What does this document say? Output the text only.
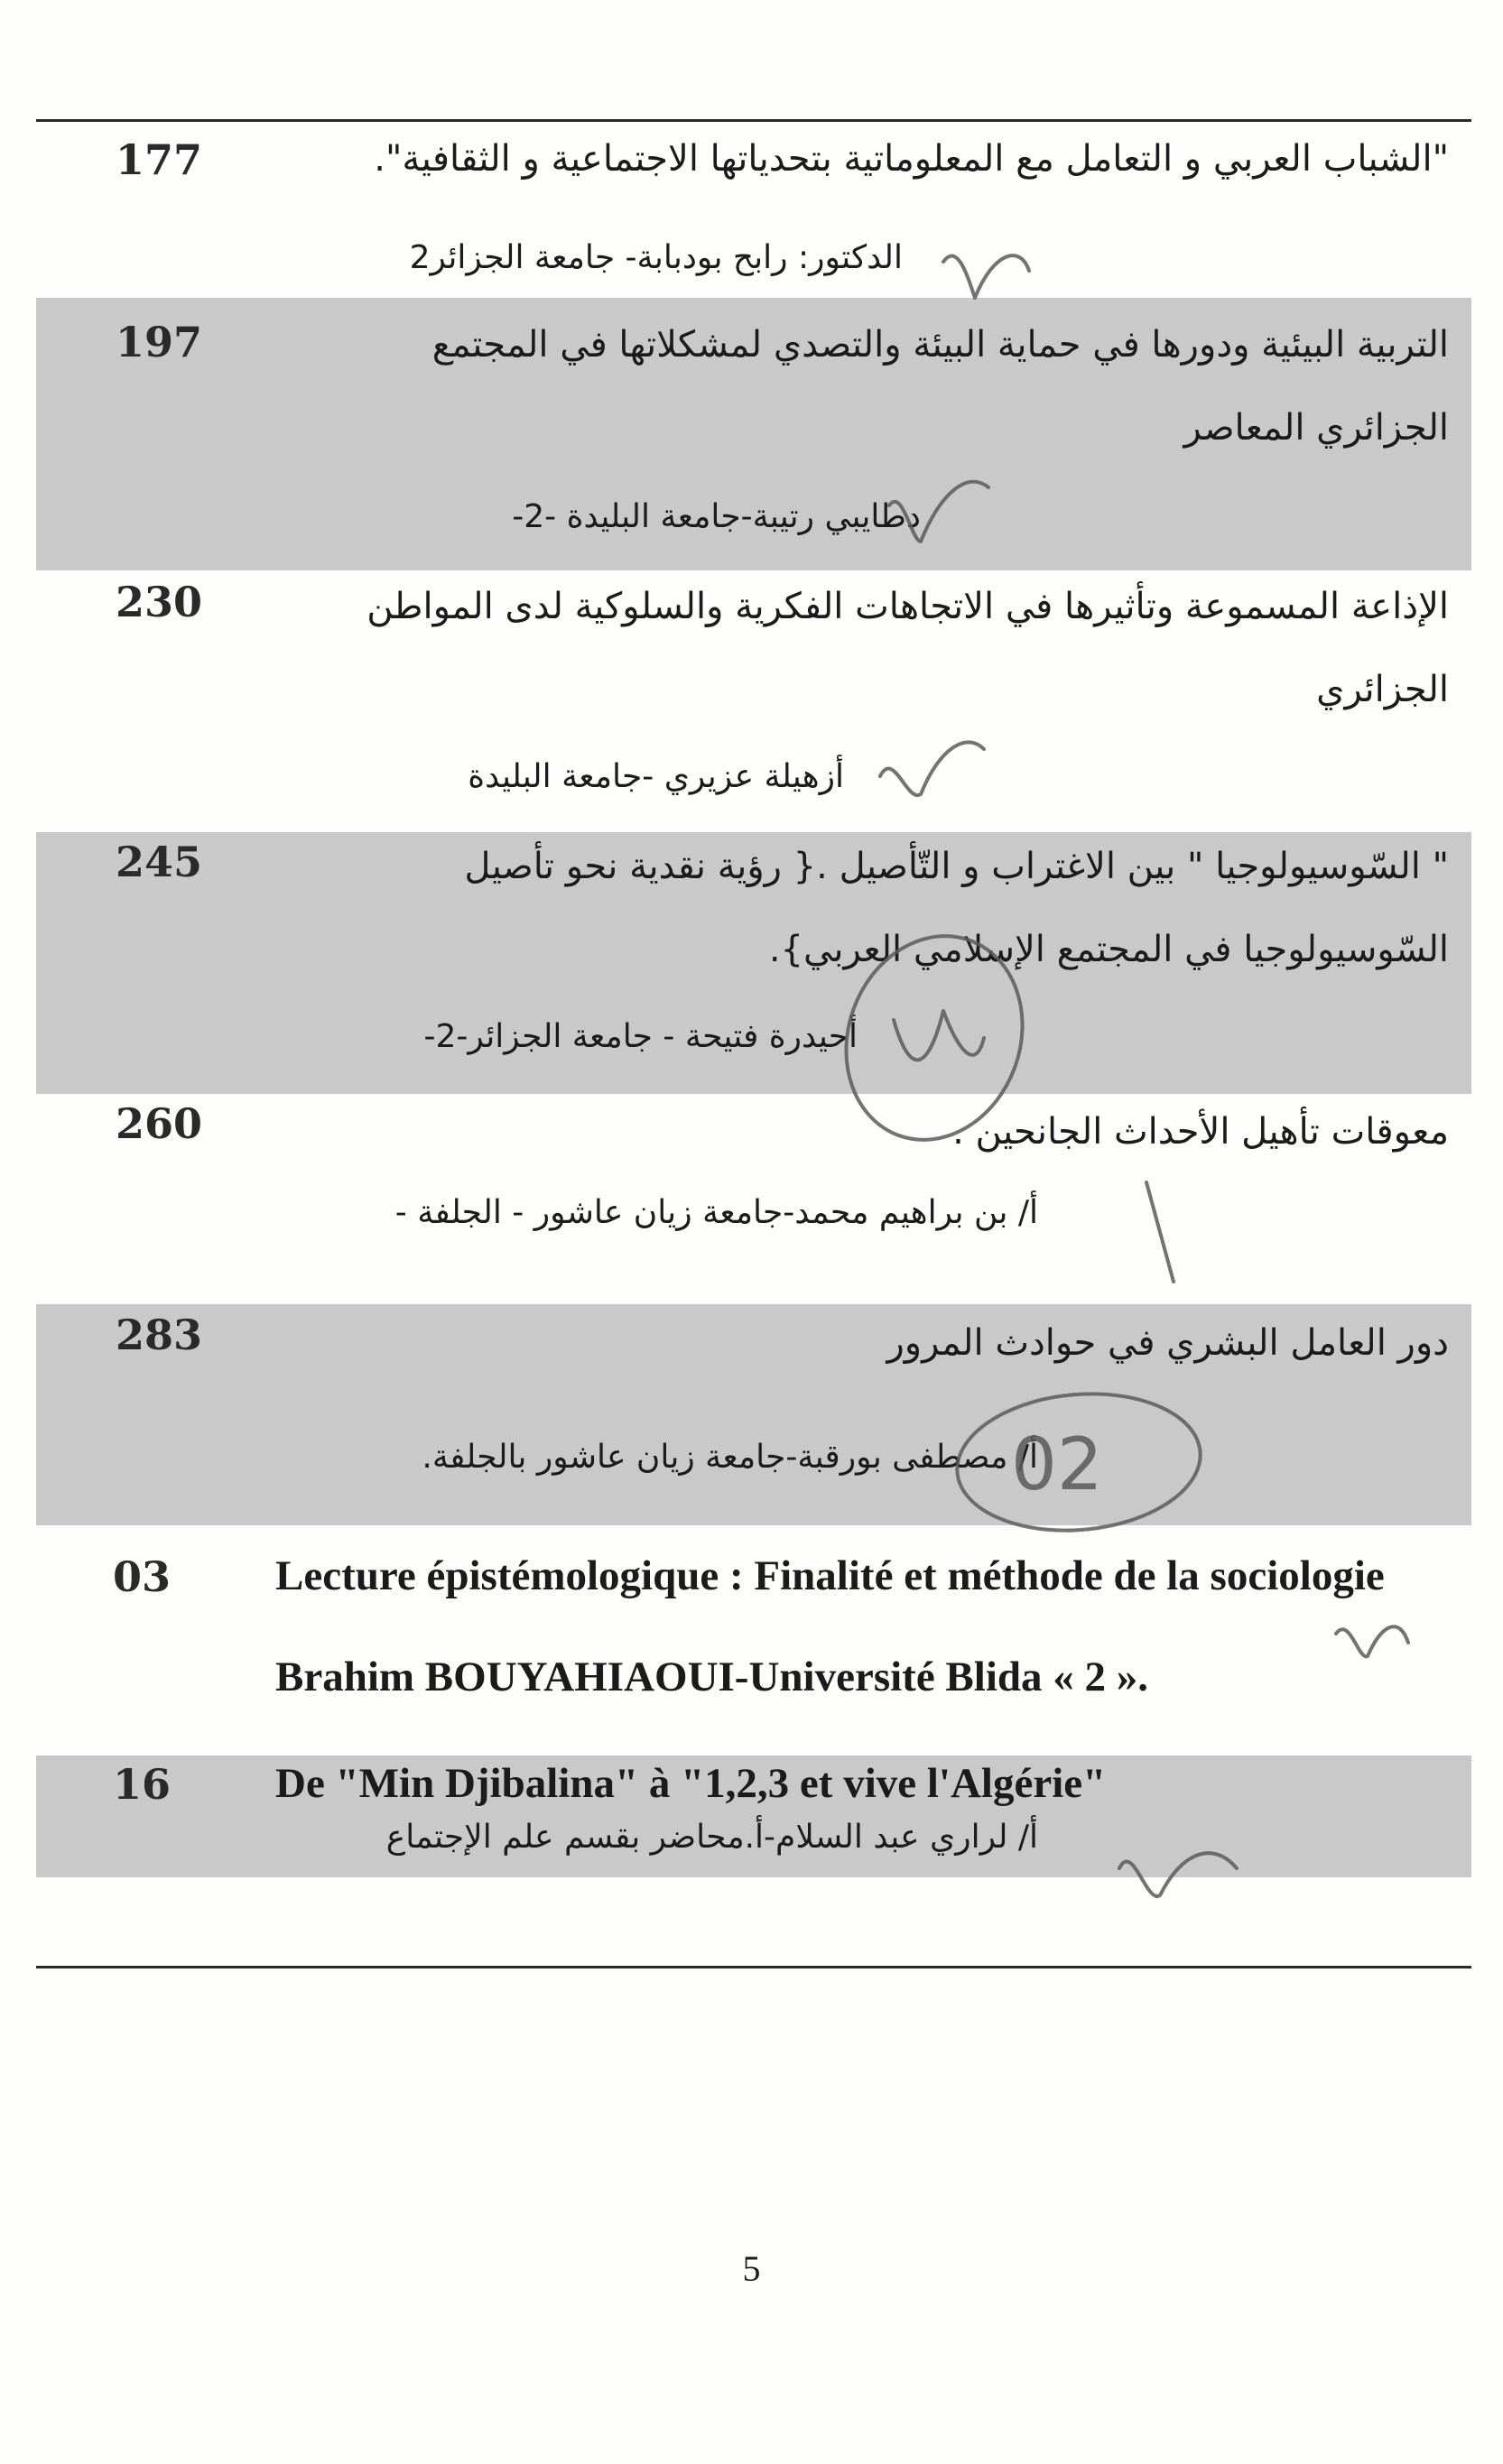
177	"الشباب العربي و التعامل مع المعلوماتية بتحدياتها الاجتماعية و الثقافية".
الدكتور: رابح بودبابة- جامعة الجزائر2
197	التربية البيئية ودورها في حماية البيئة والتصدي لمشكلاتها في المجتمع الجزائري المعاصر
دطايبي رتيبة-جامعة البليدة -2-
230	الإذاعة المسموعة وتأثيرها في الاتجاهات الفكرية والسلوكية لدى المواطن الجزائري
أزهيلة عزيري -جامعة البليدة
245	" السّوسيولوجيا " بين الاغتراب و التّأصيل .{ رؤية نقدية نحو تأصيل السّوسيولوجيا في المجتمع الإسلامي العربي}.
أحيدرة فتيحة - جامعة الجزائر-2-
260	معوقات تأهيل الأحداث الجانحين .
أ/ بن براهيم محمد-جامعة زيان عاشور - الجلفة -
283	دور العامل البشري في حوادث المرور
أ/ مصطفى بورقبة-جامعة زيان عاشور بالجلفة.
03 Lecture épistémologique : Finalité et méthode de la sociologie
Brahim BOUYAHIAOUI-Université Blida « 2 ».
16 De "Min Djibalina" à "1,2,3 et vive l'Algérie"
أ/ لراري عبد السلام-أ.محاضر بقسم علم الإجتماع
5
02
